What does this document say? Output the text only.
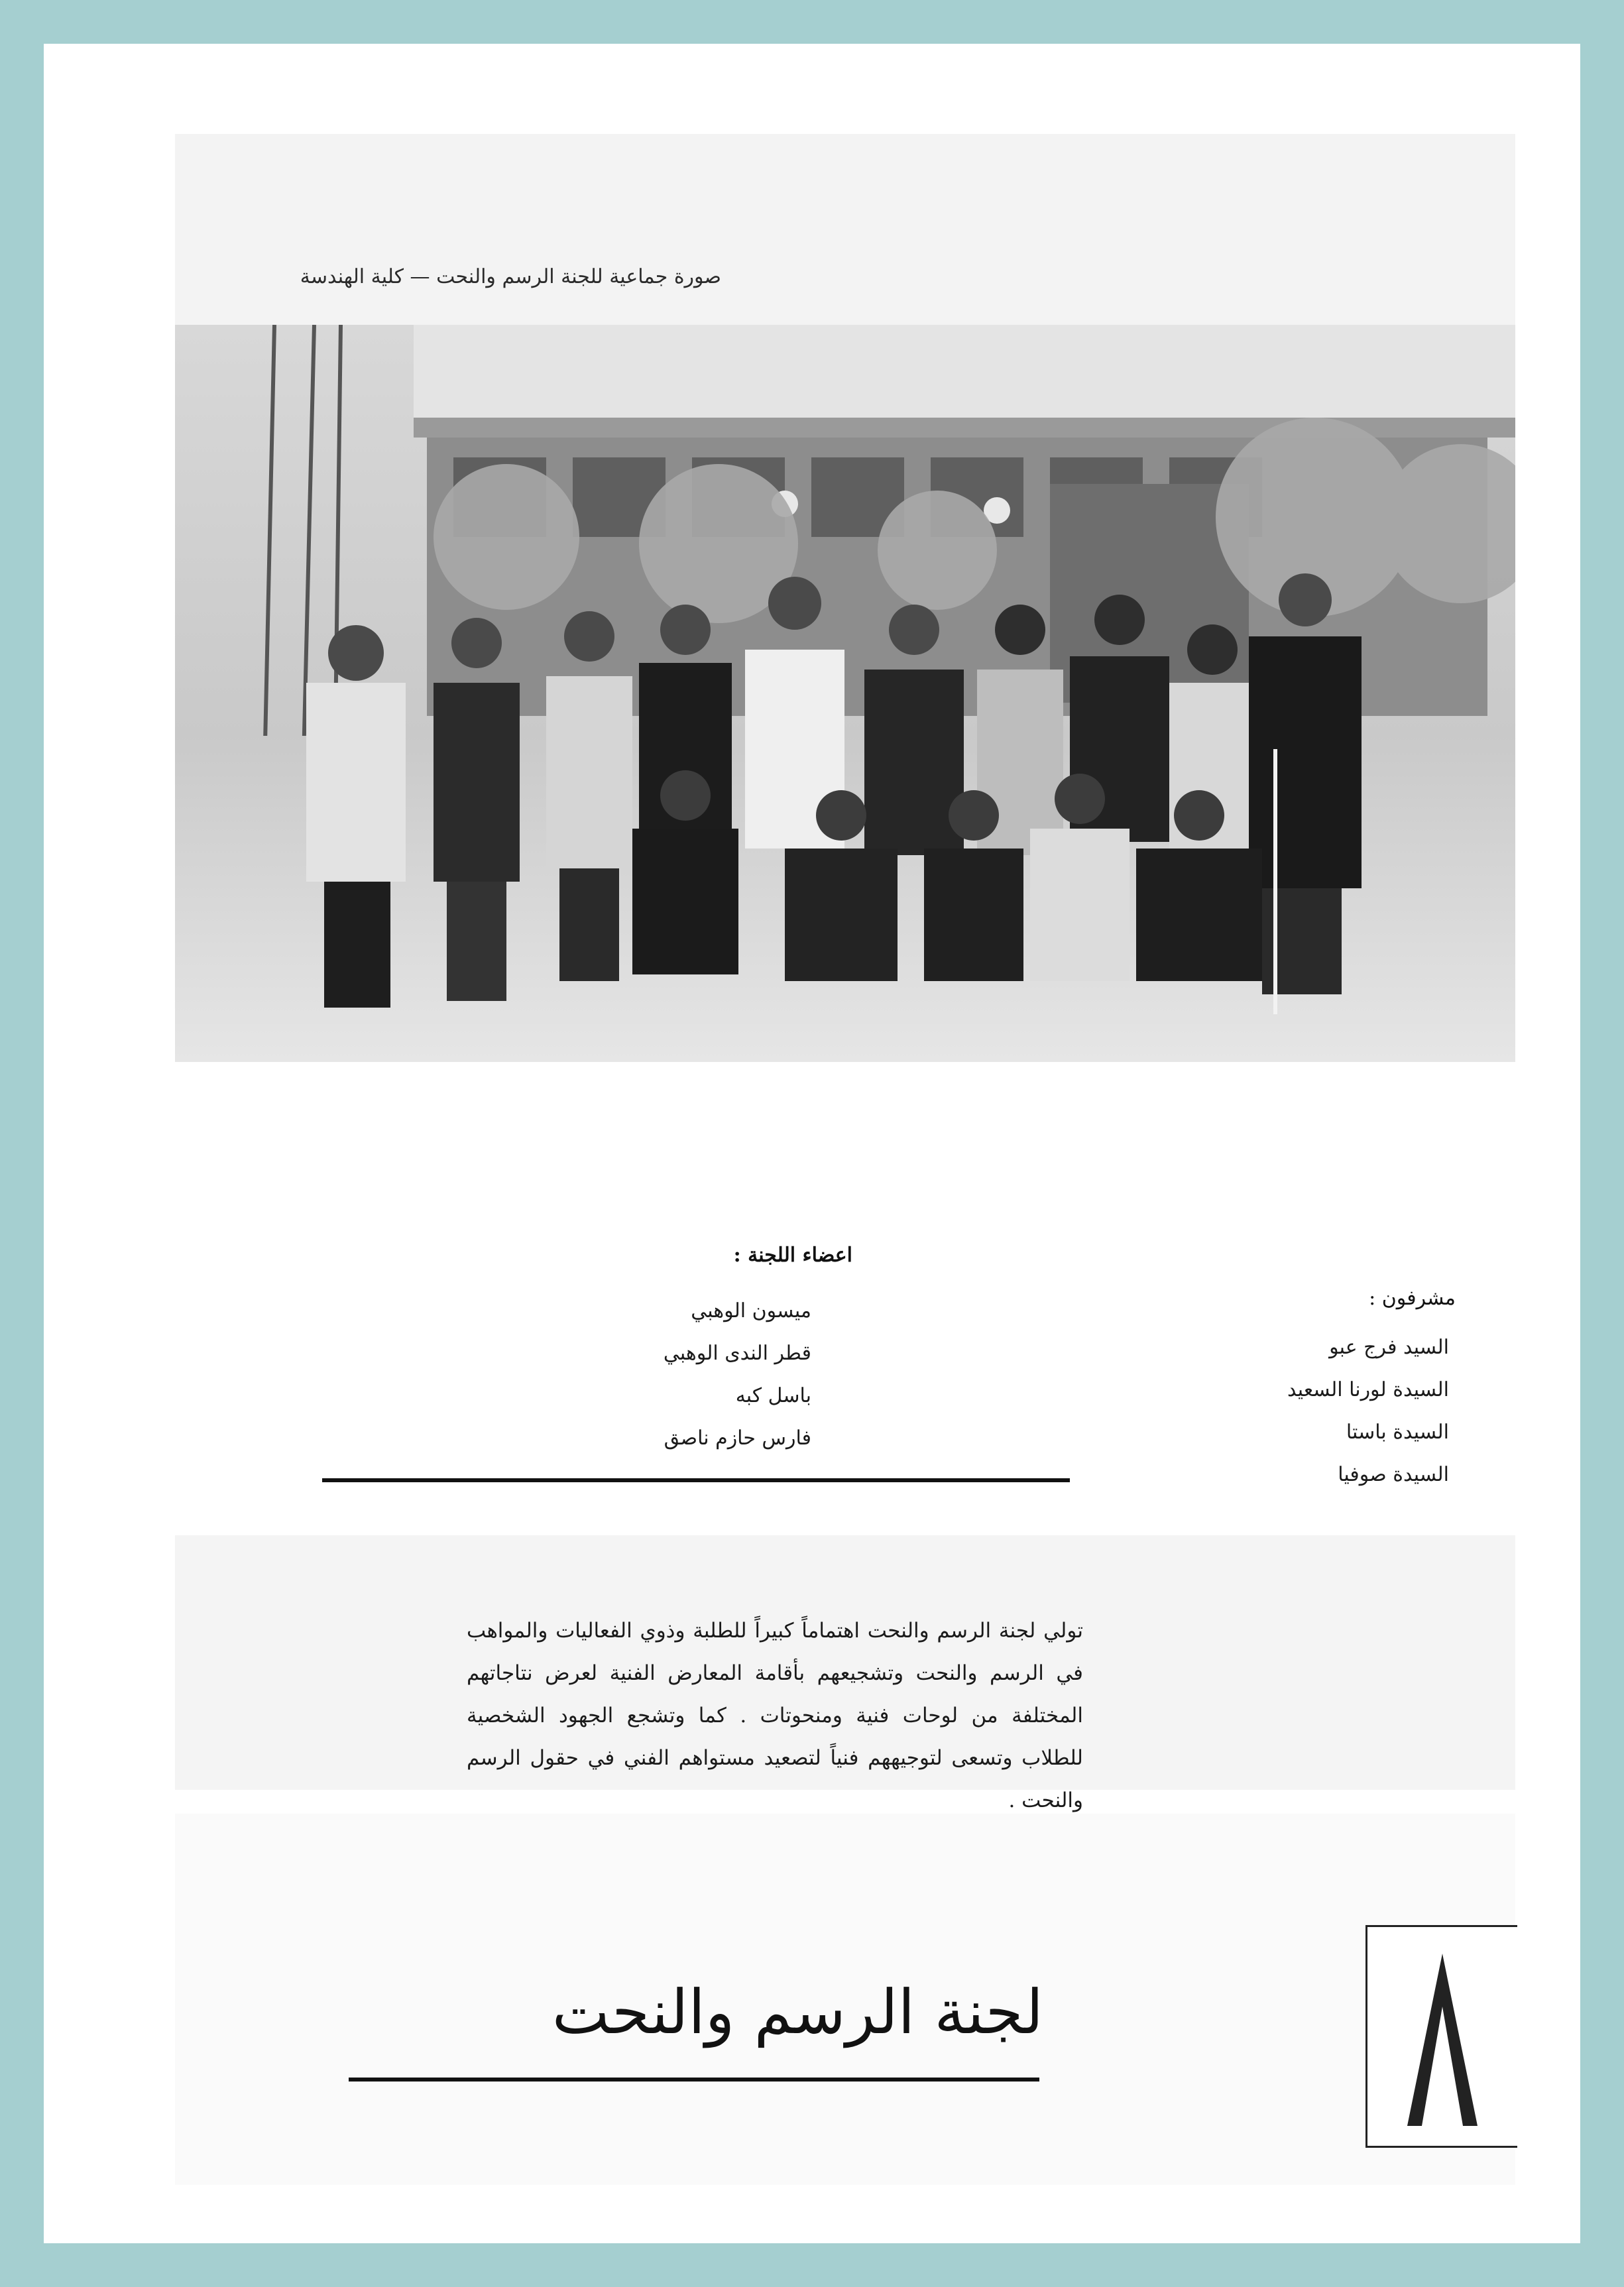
صورة جماعية للجنة الرسم والنحت — كلية الهندسة
اعضاء اللجنة :
ميسون الوهبي
قطر الندى الوهبي
باسل كبه
فارس حازم ناصق
مشرفون :
السيد فرج عبو
السيدة لورنا السعيد
السيدة باستا
السيدة صوفيا

تولي لجنة الرسم والنحت اهتماماً كبيراً للطلبة وذوي الفعاليات والمواهب في الرسم والنحت وتشجيعهم بأقامة المعارض الفنية لعرض نتاجاتهم المختلفة من لوحات فنية ومنحوتات . كما وتشجع الجهود الشخصية للطلاب وتسعى لتوجيههم فنياً لتصعيد مستواهم الفني في حقول الرسم والنحت .

لجنة الرسم والنحت
